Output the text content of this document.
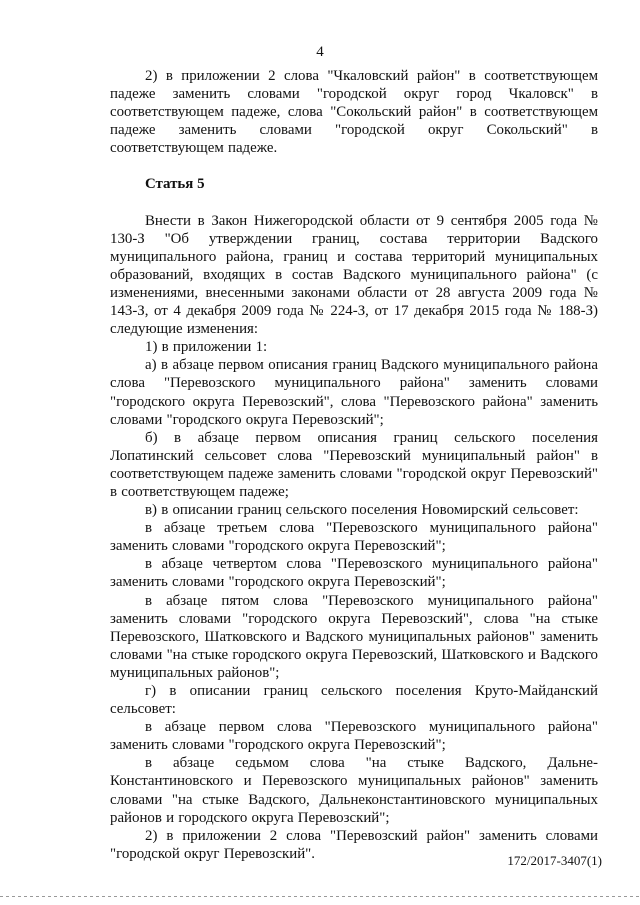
4

2) в приложении 2 слова "Чкаловский район" в соответствующем падеже заменить словами "городской округ город Чкаловск" в соответствующем падеже, слова "Сокольский район" в соответствующем падеже заменить словами "городской округ Сокольский" в соответствующем падеже.

Статья 5

Внести в Закон Нижегородской области от 9 сентября 2005 года № 130-З "Об утверждении границ, состава территории Вадского муниципального района, границ и состава территорий муниципальных образований, входящих в состав Вадского муниципального района" (с изменениями, внесенными законами области от 28 августа 2009 года № 143-З, от 4 декабря 2009 года № 224-З, от 17 декабря 2015 года № 188-З) следующие изменения:

1) в приложении 1:

а) в абзаце первом описания границ Вадского муниципального района слова "Перевозского муниципального района" заменить словами "городского округа Перевозский", слова "Перевозского района" заменить словами "городского округа Перевозский";

б) в абзаце первом описания границ сельского поселения Лопатинский сельсовет слова "Перевозский муниципальный район" в соответствующем падеже заменить словами "городской округ Перевозский" в соответствующем падеже;

в) в описании границ сельского поселения Новомирский сельсовет:

в абзаце третьем слова "Перевозского муниципального района" заменить словами "городского округа Перевозский";

в абзаце четвертом слова "Перевозского муниципального района" заменить словами "городского округа Перевозский";

в абзаце пятом слова "Перевозского муниципального района" заменить словами "городского округа Перевозский", слова "на стыке Перевозского, Шатковского и Вадского муниципальных районов" заменить словами "на стыке городского округа Перевозский, Шатковского и Вадского муниципальных районов";

г) в описании границ сельского поселения Круто-Майданский сельсовет:

в абзаце первом слова "Перевозского муниципального района" заменить словами "городского округа Перевозский";

в абзаце седьмом слова "на стыке Вадского, Дальне-Константиновского и Перевозского муниципальных районов" заменить словами "на стыке Вадского, Дальнеконстантиновского муниципальных районов и городского округа Перевозский";

2) в приложении 2 слова "Перевозский район" заменить словами "городской округ Перевозский".	172/2017-3407(1)
